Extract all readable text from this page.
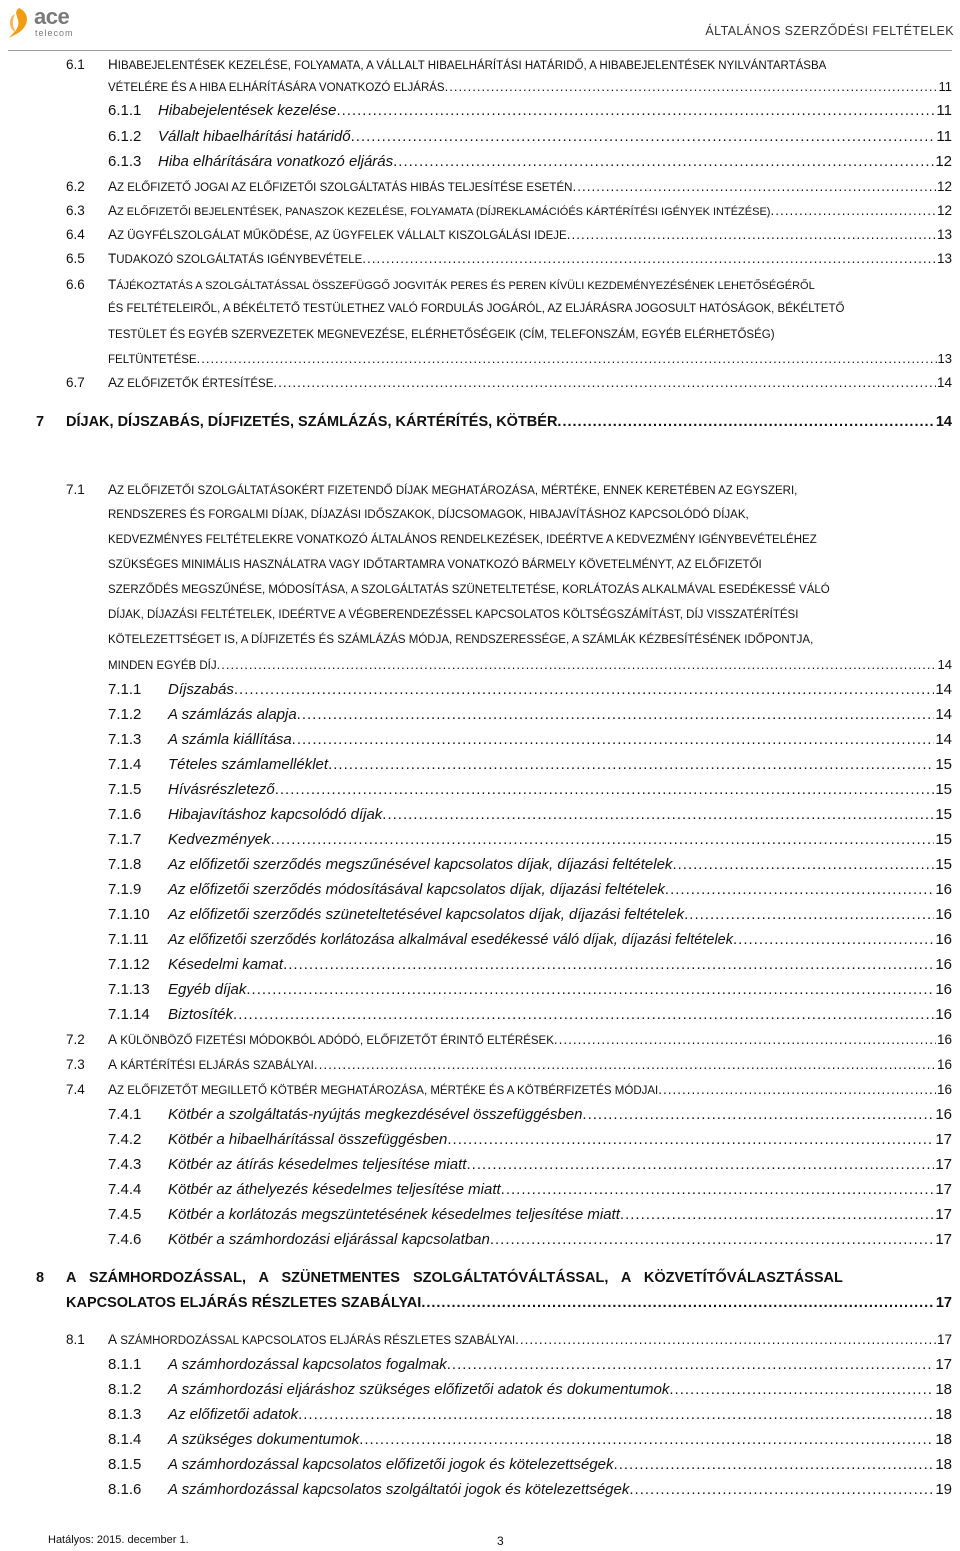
ace
telecom	ÁLTALÁNOS SZERZŐDÉSI FELTÉTELEK
6.1	HIBABEJELENTÉSEK KEZELÉSE, FOLYAMATA, A VÁLLALT HIBAELHÁRÍTÁSI HATÁRIDŐ, A HIBABEJELENTÉSEK NYILVÁNTARTÁSBA
VÉTELÉRE ÉS A HIBA ELHÁRÍTÁSÁRA VONATKOZÓ ELJÁRÁS .....	11
6.1.1	Hibabejelentések kezelése .....	11
6.1.2	Vállalt hibaelhárítási határidő .....	11
6.1.3	Hiba elhárítására vonatkozó eljárás .....	12
6.2	AZ ELŐFIZETŐ JOGAI AZ ELŐFIZETŐI SZOLGÁLTATÁS HIBÁS TELJESÍTÉSE ESETÉN .....	12
6.3	AZ ELŐFIZETŐI BEJELENTÉSEK, PANASZOK KEZELÉSE, FOLYAMATA (DÍJREKLAMÁCIÓÉS KÁRTÉRÍTÉSI IGÉNYEK INTÉZÉSE) .....	12
6.4	AZ ÜGYFÉLSZOLGÁLAT MŰKÖDÉSE, AZ ÜGYFELEK VÁLLALT KISZOLGÁLÁSI IDEJE .....	13
6.5	TUDAKOZÓ SZOLGÁLTATÁS IGÉNYBEVÉTELE .....	13
6.6	TÁJÉKOZTATÁS A SZOLGÁLTATÁSSAL ÖSSZEFÜGGŐ JOGVITÁK PERES ÉS PEREN KÍVÜLI KEZDEMÉNYEZÉSÉNEK LEHETŐSÉGÉRŐL
ÉS FELTÉTELEIRŐL, A BÉKÉLTETŐ TESTÜLETHEZ VALÓ FORDULÁS JOGÁRÓL, AZ ELJÁRÁSRA JOGOSULT HATÓSÁGOK, BÉKÉLTETŐ
TESTÜLET ÉS EGYÉB SZERVEZETEK MEGNEVEZÉSE, ELÉRHETŐSÉGEIK (CÍM, TELEFONSZÁM, EGYÉB ELÉRHETŐSÉG)
FELTÜNTETÉSE .....	13
6.7	AZ ELŐFIZETŐK ÉRTESÍTÉSE .....	14
7	DÍJAK, DÍJSZABÁS, DÍJFIZETÉS, SZÁMLÁZÁS, KÁRTÉRÍTÉS, KÖTBÉR .....	14
7.1	AZ ELŐFIZETŐI SZOLGÁLTATÁSOKÉRT FIZETENDŐ DÍJAK MEGHATÁROZÁSA, MÉRTÉKE, ENNEK KERETÉBEN AZ EGYSZERI,
RENDSZERES ÉS FORGALMI DÍJAK, DÍJAZÁSI IDŐSZAKOK, DÍJCSOMAGOK, HIBAJAVÍTÁSHOZ KAPCSOLÓDÓ DÍJAK,
KEDVEZMÉNYES FELTÉTELEKRE VONATKOZÓ ÁLTALÁNOS RENDELKEZÉSEK, IDEÉRTVE A KEDVEZMÉNY IGÉNYBEVÉTELÉHEZ
SZÜKSÉGES MINIMÁLIS HASZNÁLATRA VAGY IDŐTARTAMRA VONATKOZÓ BÁRMELY KÖVETELMÉNYT, AZ ELŐFIZETŐI
SZERZŐDÉS MEGSZŰNÉSE, MÓDOSÍTÁSA, A SZOLGÁLTATÁS SZÜNETELTETÉSE, KORLÁTOZÁS ALKALMÁVAL ESEDÉKESSÉ VÁLÓ
DÍJAK, DÍJAZÁSI FELTÉTELEK, IDEÉRTVE A VÉGBERENDEZÉSSEL KAPCSOLATOS KÖLTSÉGSZÁMÍTÁST, DÍJ VISSZATÉRÍTÉSI
KÖTELEZETTSÉGET IS, A DÍJFIZETÉS ÉS SZÁMLÁZÁS MÓDJA, RENDSZERESSÉGE, A SZÁMLÁK KÉZBESÍTÉSÉNEK IDŐPONTJA,
MINDEN EGYÉB DÍJ .....	14
7.1.1	Díjszabás .....	14
7.1.2	A számlázás alapja .....	14
7.1.3	A számla kiállítása .....	14
7.1.4	Tételes számlamelléklet .....	15
7.1.5	Hívásrészletező .....	15
7.1.6	Hibajavításhoz kapcsolódó díjak .....	15
7.1.7	Kedvezmények .....	15
7.1.8	Az előfizetői szerződés megszűnésével kapcsolatos díjak, díjazási feltételek .....	15
7.1.9	Az előfizetői szerződés módosításával kapcsolatos díjak, díjazási feltételek .....	16
7.1.10	Az előfizetői szerződés szüneteltetésével kapcsolatos díjak, díjazási feltételek .....	16
7.1.11	Az előfizetői szerződés korlátozása alkalmával esedékessé váló díjak, díjazási feltételek .....	16
7.1.12	Késedelmi kamat .....	16
7.1.13	Egyéb díjak .....	16
7.1.14	Biztosíték .....	16
7.2	A KÜLÖNBÖZŐ FIZETÉSI MÓDOKBÓL ADÓDÓ, ELŐFIZETŐT ÉRINTŐ ELTÉRÉSEK .....	16
7.3	A KÁRTÉRÍTÉSI ELJÁRÁS SZABÁLYAI .....	16
7.4	AZ ELŐFIZETŐT MEGILLETŐ KÖTBÉR MEGHATÁROZÁSA, MÉRTÉKE ÉS A KÖTBÉRFIZETÉS MÓDJAI .....	16
7.4.1	Kötbér a szolgáltatás-nyújtás megkezdésével összefüggésben .....	16
7.4.2	Kötbér a hibaelhárítással összefüggésben .....	17
7.4.3	Kötbér az átírás késedelmes teljesítése miatt .....	17
7.4.4	Kötbér az áthelyezés késedelmes teljesítése miatt .....	17
7.4.5	Kötbér a korlátozás megszüntetésének késedelmes teljesítése miatt .....	17
7.4.6	Kötbér a számhordozási eljárással kapcsolatban .....	17
8	A SZÁMHORDOZÁSSAL, A SZÜNETMENTES SZOLGÁLTATÓVÁLTÁSSAL, A KÖZVETÍTŐVÁLASZTÁSSAL
KAPCSOLATOS ELJÁRÁS RÉSZLETES SZABÁLYAI .....	17
8.1	A SZÁMHORDOZÁSSAL KAPCSOLATOS ELJÁRÁS RÉSZLETES SZABÁLYAI .....	17
8.1.1	A számhordozással kapcsolatos fogalmak .....	17
8.1.2	A számhordozási eljáráshoz szükséges előfizetői adatok és dokumentumok .....	18
8.1.3	Az előfizetői adatok .....	18
8.1.4	A szükséges dokumentumok .....	18
8.1.5	A számhordozással kapcsolatos előfizetői jogok és kötelezettségek .....	18
8.1.6	A számhordozással kapcsolatos szolgáltatói jogok és kötelezettségek .....	19
Hatályos: 2015. december 1.	3
